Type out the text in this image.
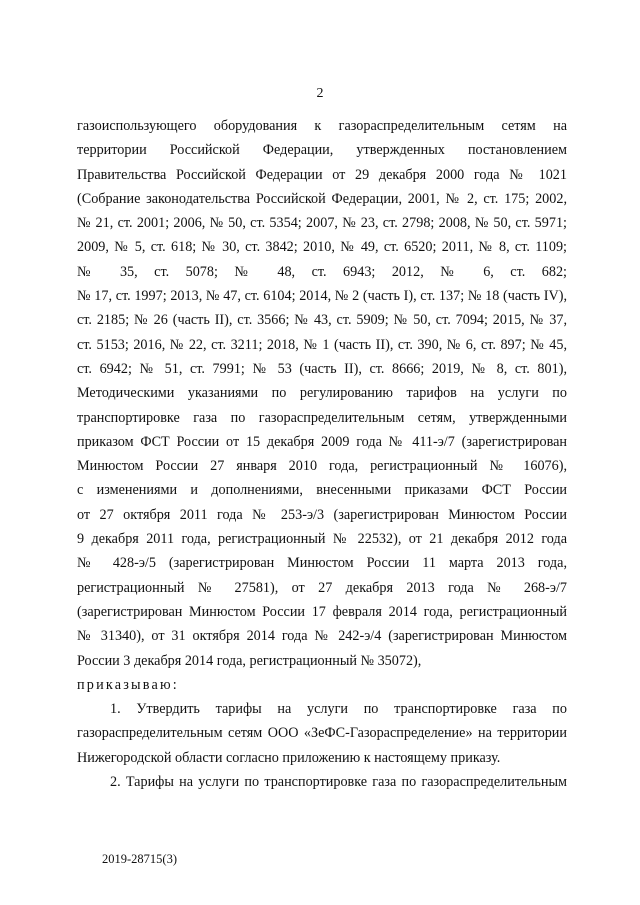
2
газоиспользующего оборудования к газораспределительным сетям на
территории Российской Федерации, утвержденных постановлением
Правительства Российской Федерации от 29 декабря 2000 года № 1021
(Собрание законодательства Российской Федерации, 2001, № 2, ст. 175; 2002,
№ 21, ст. 2001; 2006, № 50, ст. 5354; 2007, № 23, ст. 2798; 2008, № 50, ст. 5971;
2009, № 5, ст. 618; № 30, ст. 3842; 2010, № 49, ст. 6520; 2011, № 8, ст. 1109;
№ 35, ст. 5078; № 48, ст. 6943; 2012, № 6, ст. 682;
№ 17, ст. 1997; 2013, № 47, ст. 6104; 2014, № 2 (часть I), ст. 137; № 18 (часть IV),
ст. 2185; № 26 (часть II), ст. 3566; № 43, ст. 5909; № 50, ст. 7094; 2015, № 37,
ст. 5153; 2016, № 22, ст. 3211; 2018, № 1 (часть II), ст. 390, № 6, ст. 897; № 45,
ст. 6942; № 51, ст. 7991; № 53 (часть II), ст. 8666; 2019, № 8, ст. 801),
Методическими указаниями по регулированию тарифов на услуги по
транспортировке газа по газораспределительным сетям, утвержденными
приказом ФСТ России от 15 декабря 2009 года № 411-э/7 (зарегистрирован
Минюстом России 27 января 2010 года, регистрационный № 16076),
с изменениями и дополнениями, внесенными приказами ФСТ России
от 27 октября 2011 года № 253-э/3 (зарегистрирован Минюстом России
9 декабря 2011 года, регистрационный № 22532), от 21 декабря 2012 года
№ 428-э/5 (зарегистрирован Минюстом России 11 марта 2013 года,
регистрационный № 27581), от 27 декабря 2013 года № 268-э/7
(зарегистрирован Минюстом России 17 февраля 2014 года, регистрационный
№ 31340), от 31 октября 2014 года № 242-э/4 (зарегистрирован Минюстом
России 3 декабря 2014 года, регистрационный № 35072),
приказываю:
1. Утвердить тарифы на услуги по транспортировке газа по
газораспределительным сетям ООО «ЗеФС-Газораспределение» на территории
Нижегородской области согласно приложению к настоящему приказу.
2. Тарифы на услуги по транспортировке газа по газораспределительным
2019-28715(3)
